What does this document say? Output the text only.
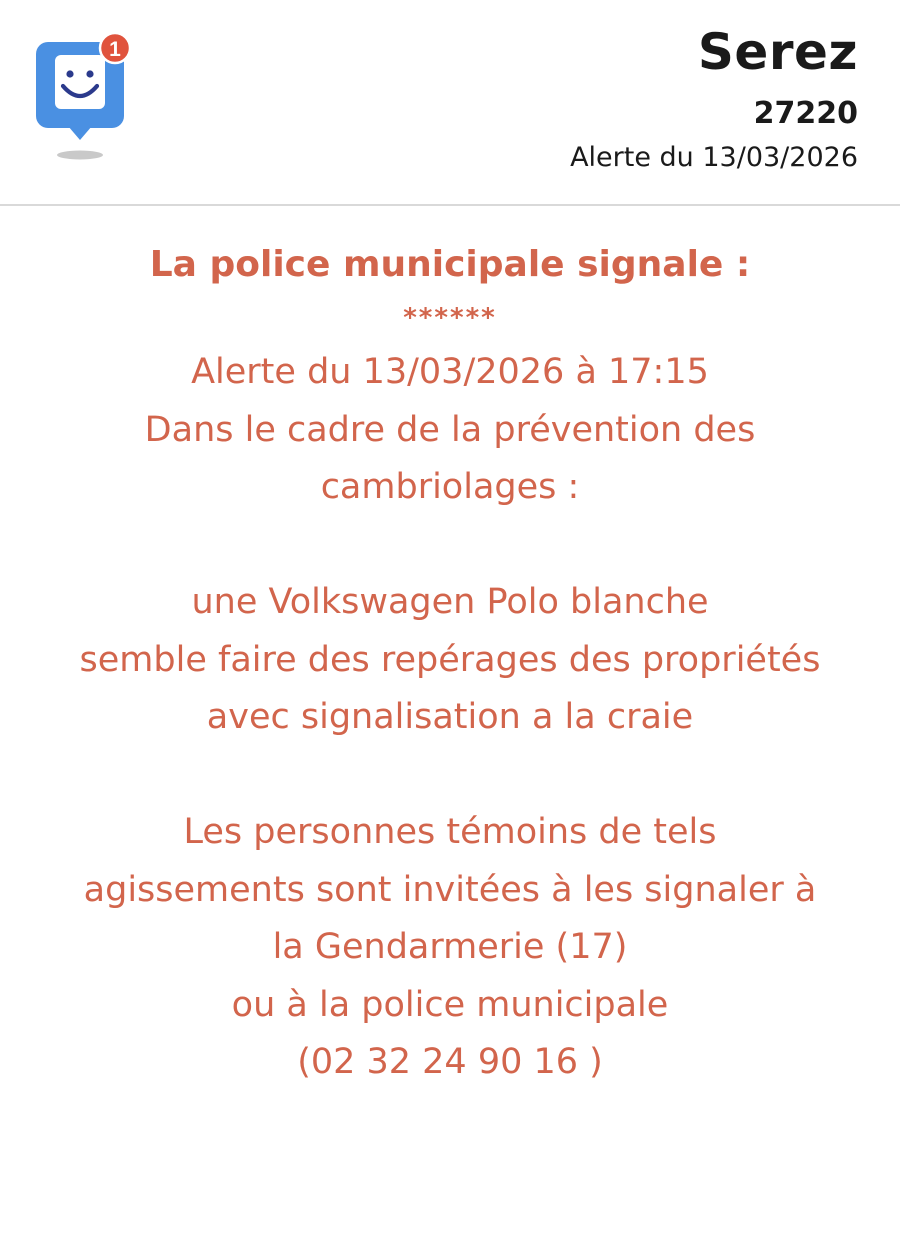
1	Serez
27220
Alerte du 13/03/2026
La police municipale signale :
******
Alerte du 13/03/2026 à 17:15
Dans le cadre de la prévention des
cambriolages :
une Volkswagen Polo blanche
semble faire des repérages des propriétés
avec signalisation a la craie
Les personnes témoins de tels
agissements sont invitées à les signaler à
la Gendarmerie (17)
ou à la police municipale
(02 32 24 90 16 )
